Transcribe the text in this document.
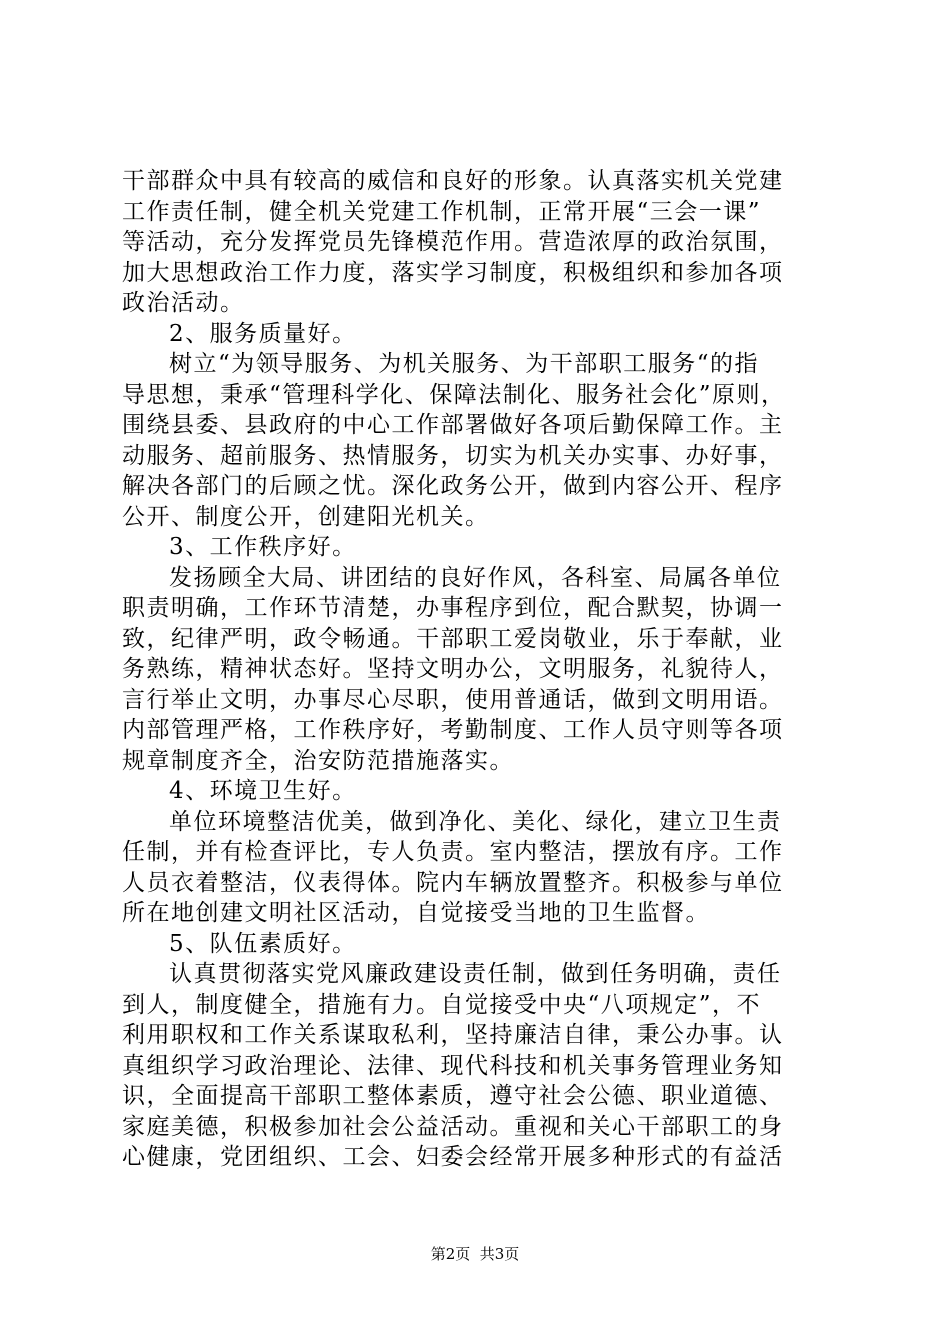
干部群众中具有较高的威信和良好的形象。认真落实机关党建
工作责任制，健全机关党建工作机制，正常开展“三会一课”
等活动，充分发挥党员先锋模范作用。营造浓厚的政治氛围，
加大思想政治工作力度，落实学习制度，积极组织和参加各项
政治活动。
2、服务质量好。
树立“为领导服务、为机关服务、为干部职工服务“的指
导思想，秉承“管理科学化、保障法制化、服务社会化”原则，
围绕县委、县政府的中心工作部署做好各项后勤保障工作。主
动服务、超前服务、热情服务，切实为机关办实事、办好事，
解决各部门的后顾之忧。深化政务公开，做到内容公开、程序
公开、制度公开，创建阳光机关。
3、工作秩序好。
发扬顾全大局、讲团结的良好作风，各科室、局属各单位
职责明确，工作环节清楚，办事程序到位，配合默契，协调一
致，纪律严明，政令畅通。干部职工爱岗敬业，乐于奉献，业
务熟练，精神状态好。坚持文明办公，文明服务，礼貌待人，
言行举止文明，办事尽心尽职，使用普通话，做到文明用语。
内部管理严格，工作秩序好，考勤制度、工作人员守则等各项
规章制度齐全，治安防范措施落实。
4、环境卫生好。
单位环境整洁优美，做到净化、美化、绿化，建立卫生责
任制，并有检查评比，专人负责。室内整洁，摆放有序。工作
人员衣着整洁，仪表得体。院内车辆放置整齐。积极参与单位
所在地创建文明社区活动，自觉接受当地的卫生监督。
5、队伍素质好。
认真贯彻落实党风廉政建设责任制，做到任务明确，责任
到人，制度健全，措施有力。自觉接受中央“八项规定”，不
利用职权和工作关系谋取私利，坚持廉洁自律，秉公办事。认
真组织学习政治理论、法律、现代科技和机关事务管理业务知
识，全面提高干部职工整体素质，遵守社会公德、职业道德、
家庭美德，积极参加社会公益活动。重视和关心干部职工的身
心健康，党团组织、工会、妇委会经常开展多种形式的有益活
第2页  共3页
